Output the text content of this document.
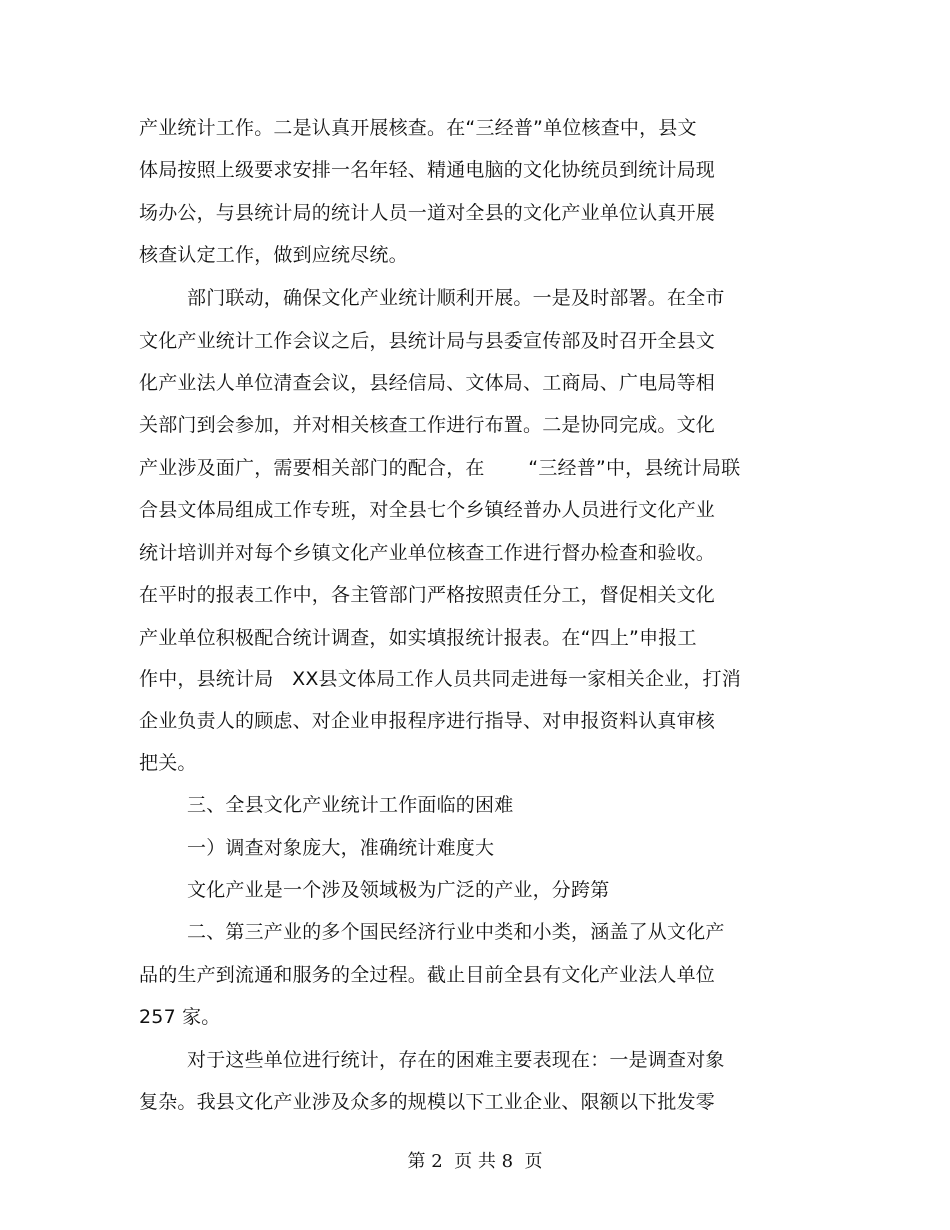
产业统计工作。二是认真开展核查。在“三经普”单位核查中，县文
体局按照上级要求安排一名年轻、精通电脑的文化协统员到统计局现
场办公，与县统计局的统计人员一道对全县的文化产业单位认真开展
核查认定工作，做到应统尽统。
部门联动，确保文化产业统计顺利开展。一是及时部署。在全市
文化产业统计工作会议之后，县统计局与县委宣传部及时召开全县文
化产业法人单位清查会议，县经信局、文体局、工商局、广电局等相
关部门到会参加，并对相关核查工作进行布置。二是协同完成。文化
产业涉及面广，需要相关部门的配合，在       “三经普”中，县统计局联
合县文体局组成工作专班，对全县七个乡镇经普办人员进行文化产业
统计培训并对每个乡镇文化产业单位核查工作进行督办检查和验收。
在平时的报表工作中，各主管部门严格按照责任分工，督促相关文化
产业单位积极配合统计调查，如实填报统计报表。在“四上”申报工
作中，县统计局   XX县文体局工作人员共同走进每一家相关企业，打消
企业负责人的顾虑、对企业申报程序进行指导、对申报资料认真审核
把关。
三、全县文化产业统计工作面临的困难
一）调查对象庞大，准确统计难度大
文化产业是一个涉及领域极为广泛的产业，分跨第
二、第三产业的多个国民经济行业中类和小类，涵盖了从文化产
品的生产到流通和服务的全过程。截止目前全县有文化产业法人单位
257 家。
对于这些单位进行统计，存在的困难主要表现在：一是调查对象
复杂。我县文化产业涉及众多的规模以下工业企业、限额以下批发零
第 2  页 共 8  页
